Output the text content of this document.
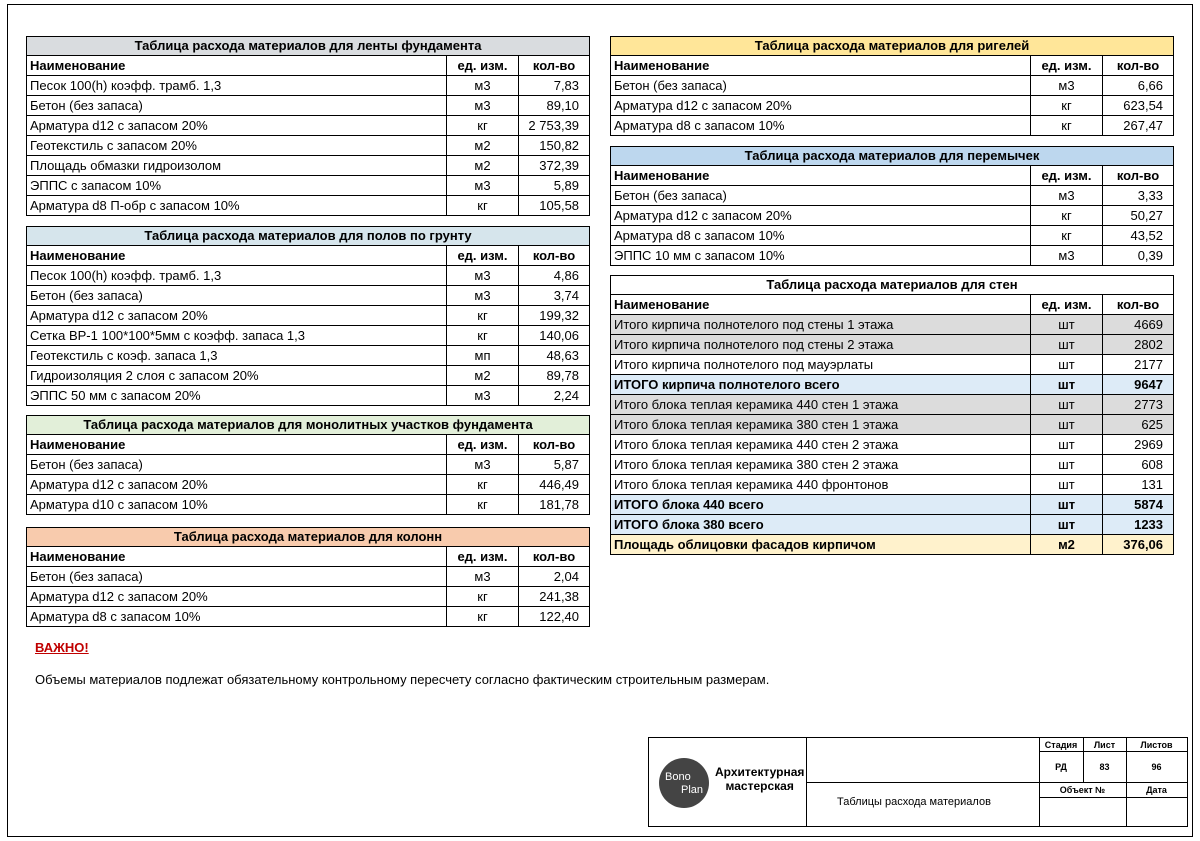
Таблица расхода материалов для ленты фундамента		
Наименование	ед. изм.	кол-во
Песок 100(h) коэфф. трамб. 1,3	м3	7,83
Бетон (без запаса)	м3	89,10
Арматура d12 с запасом 20%	кг	2 753,39
Геотекстиль с запасом 20%	м2	150,82
Площадь обмазки гидроизолом	м2	372,39
ЭППС с запасом 10%	м3	5,89
Арматура d8 П-обр с запасом 10%	кг	105,58
Таблица расхода материалов для полов по грунту		
Наименование	ед. изм.	кол-во
Песок 100(h) коэфф. трамб. 1,3	м3	4,86
Бетон (без запаса)	м3	3,74
Арматура d12 с запасом 20%	кг	199,32
Сетка ВР-1 100*100*5мм с коэфф. запаса 1,3	кг	140,06
Геотекстиль с коэф. запаса 1,3	мп	48,63
Гидроизоляция 2 слоя с запасом 20%	м2	89,78
ЭППС 50 мм с запасом 20%	м3	2,24
Таблица расхода материалов для монолитных участков фундамента		
Наименование	ед. изм.	кол-во
Бетон (без запаса)	м3	5,87
Арматура d12 с запасом 20%	кг	446,49
Арматура d10 с запасом 10%	кг	181,78
Таблица расхода материалов для колонн		
Наименование	ед. изм.	кол-во
Бетон (без запаса)	м3	2,04
Арматура d12 с запасом 20%	кг	241,38
Арматура d8 с запасом 10%	кг	122,40
Таблица расхода материалов для ригелей		
Наименование	ед. изм.	кол-во
Бетон (без запаса)	м3	6,66
Арматура d12 с запасом 20%	кг	623,54
Арматура d8 с запасом 10%	кг	267,47
Таблица расхода материалов для перемычек		
Наименование	ед. изм.	кол-во
Бетон (без запаса)	м3	3,33
Арматура d12 с запасом 20%	кг	50,27
Арматура d8 с запасом 10%	кг	43,52
ЭППС 10 мм с запасом 10%	м3	0,39
Таблица расхода материалов для стен		
Наименование	ед. изм.	кол-во
Итого кирпича полнотелого под стены 1 этажа	шт	4669
Итого кирпича полнотелого под стены 2 этажа	шт	2802
Итого кирпича полнотелого под мауэрлаты	шт	2177
ИТОГО кирпича полнотелого всего	шт	9647
Итого блока теплая керамика 440 стен 1 этажа	шт	2773
Итого блока теплая керамика 380 стен 1 этажа	шт	625
Итого блока теплая керамика 440 стен 2 этажа	шт	2969
Итого блока теплая керамика 380 стен 2 этажа	шт	608
Итого блока теплая керамика 440 фронтонов	шт	131
ИТОГО блока 440 всего	шт	5874
ИТОГО блока 380 всего	шт	1233
Площадь облицовки фасадов кирпичом	м2	376,06
ВАЖНО!
Объемы материалов подлежат обязательному контрольному пересчету согласно фактическим строительным размерам.
Bono
Plan
Архитектурная
мастерская
Стадия	Лист	Листов
РД	83	96
Объект №	Дата
Таблицы расхода материалов
